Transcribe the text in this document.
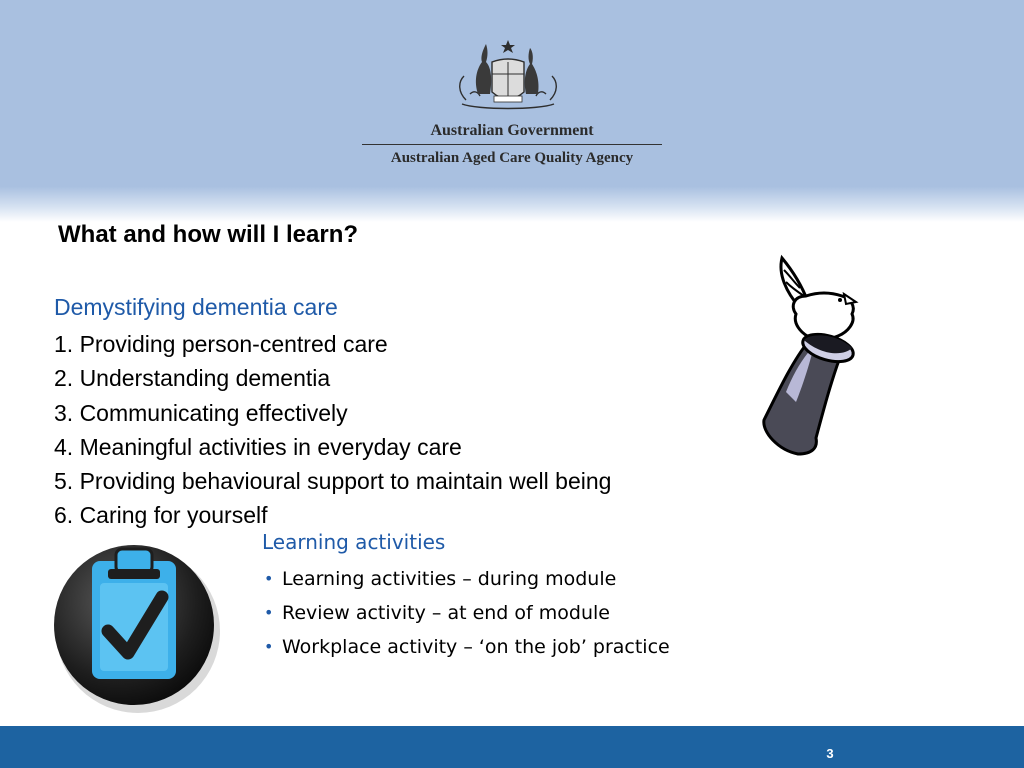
Australian Government
Australian Aged Care Quality Agency
What and how will I learn?
Demystifying dementia care
1. Providing person-centred care
2. Understanding dementia
3. Communicating effectively
4. Meaningful activities in everyday care
5. Providing behavioural support to maintain well being
6. Caring for yourself
Learning activities
• Learning activities – during module
• Review activity – at end of module
• Workplace activity – ‘on the job’ practice
3
